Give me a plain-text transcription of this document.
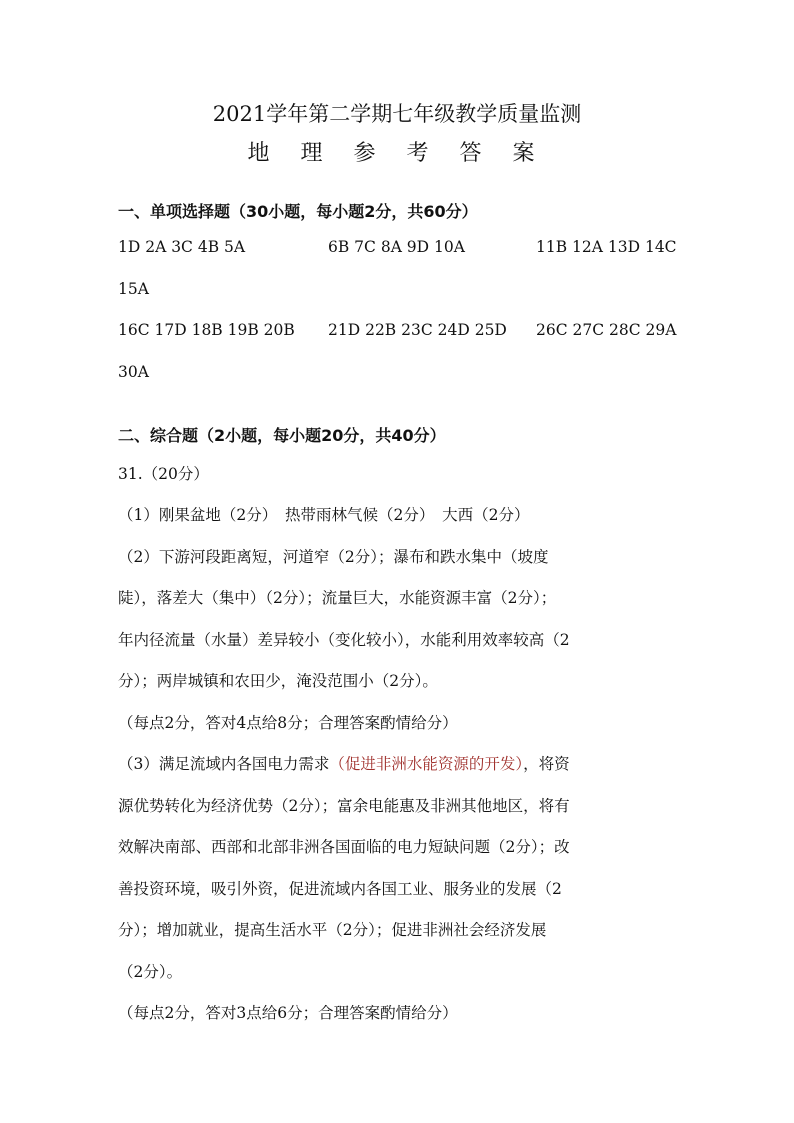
2021学年第二学期七年级教学质量监测
地 理 参 考 答 案
一、单项选择题（30小题，每小题2分，共60分）
1D 2A 3C 4B 5A	6B 7C 8A 9D 10A	11B 12A 13D 14C
15A
16C 17D 18B 19B 20B 21D 22B 23C 24D 25D 26C 27C 28C 29A
30A
二、综合题（2小题，每小题20分，共40分）
31.（20分）
（1）刚果盆地（2分）　热带雨林气候（2分）　大西（2分）
（2）下游河段距离短，河道窄（2分）；瀑布和跌水集中（坡度
陡），落差大（集中）（2分）；流量巨大，水能资源丰富（2分）；
年内径流量（水量）差异较小（变化较小），水能利用效率较高（2
分）；两岸城镇和农田少，淹没范围小（2分）。
（每点2分，答对4点给8分；合理答案酌情给分）
（3）满足流域内各国电力需求（促进非洲水能资源的开发），将资
源优势转化为经济优势（2分）；富余电能惠及非洲其他地区，将有
效解决南部、西部和北部非洲各国面临的电力短缺问题（2分）；改
善投资环境，吸引外资，促进流域内各国工业、服务业的发展（2
分）；增加就业，提高生活水平（2分）；促进非洲社会经济发展
（2分）。
（每点2分，答对3点给6分；合理答案酌情给分）
